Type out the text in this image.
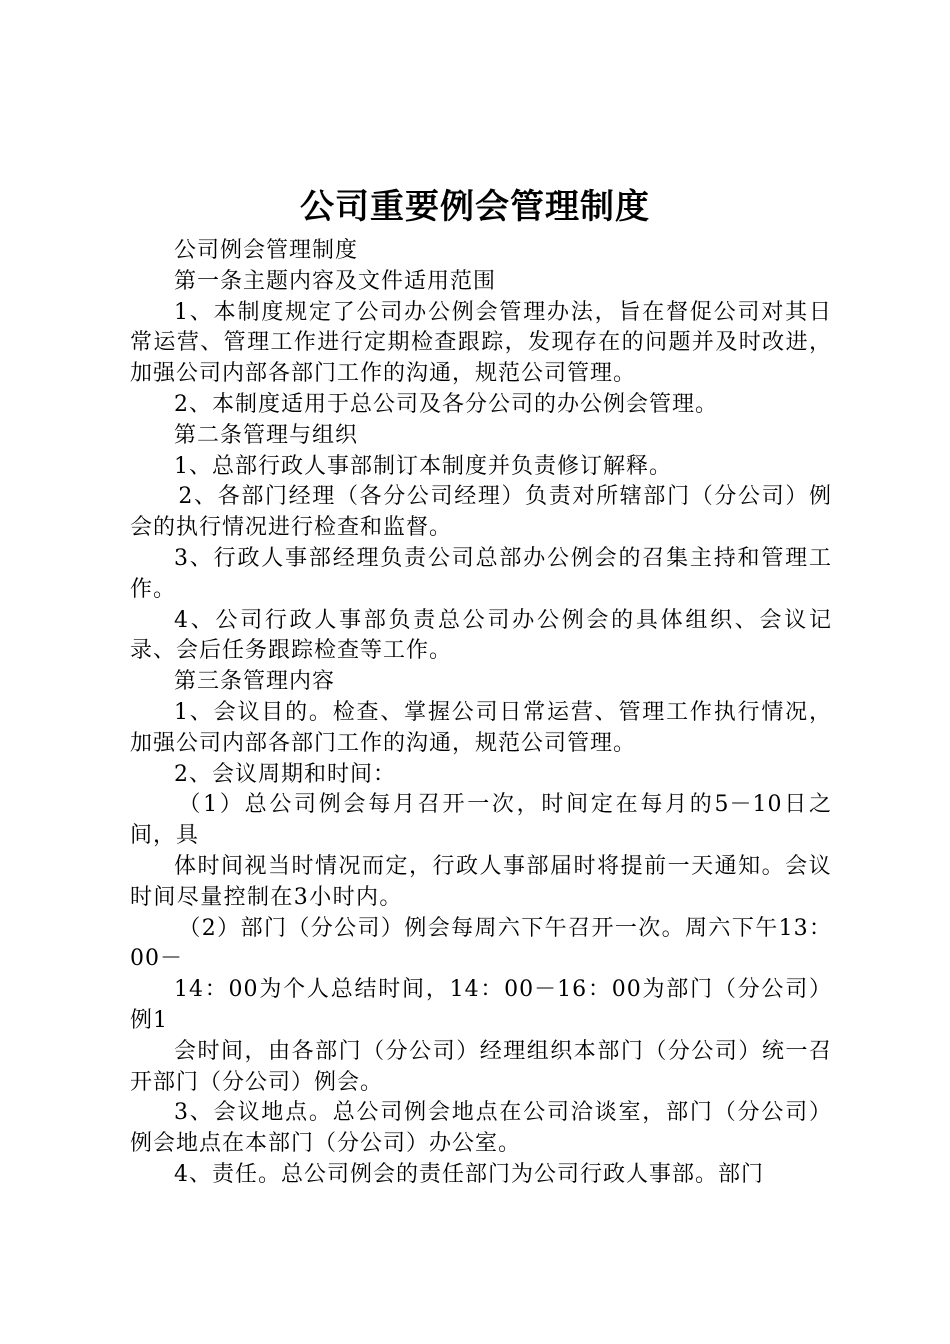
公司重要例会管理制度

公司例会管理制度

第一条主题内容及文件适用范围

1、本制度规定了公司办公例会管理办法，旨在督促公司对其日常运营、管理工作进行定期检查跟踪，发现存在的问题并及时改进，加强公司内部各部门工作的沟通，规范公司管理。

2、本制度适用于总公司及各分公司的办公例会管理。

第二条管理与组织

1、总部行政人事部制订本制度并负责修订解释。

2、各部门经理（各分公司经理）负责对所辖部门（分公司）例会的执行情况进行检查和监督。

3、行政人事部经理负责公司总部办公例会的召集主持和管理工作。

4、公司行政人事部负责总公司办公例会的具体组织、会议记录、会后任务跟踪检查等工作。

第三条管理内容

1、会议目的。检查、掌握公司日常运营、管理工作执行情况，加强公司内部各部门工作的沟通，规范公司管理。

2、会议周期和时间：

（1）总公司例会每月召开一次，时间定在每月的5－10日之间，具

体时间视当时情况而定，行政人事部届时将提前一天通知。会议时间尽量控制在3小时内。

（2）部门（分公司）例会每周六下午召开一次。周六下午13：00－

14：00为个人总结时间，14：00－16：00为部门（分公司）例1

会时间，由各部门（分公司）经理组织本部门（分公司）统一召开部门（分公司）例会。

3、会议地点。总公司例会地点在公司洽谈室，部门（分公司）例会地点在本部门（分公司）办公室。

4、责任。总公司例会的责任部门为公司行政人事部。部门
